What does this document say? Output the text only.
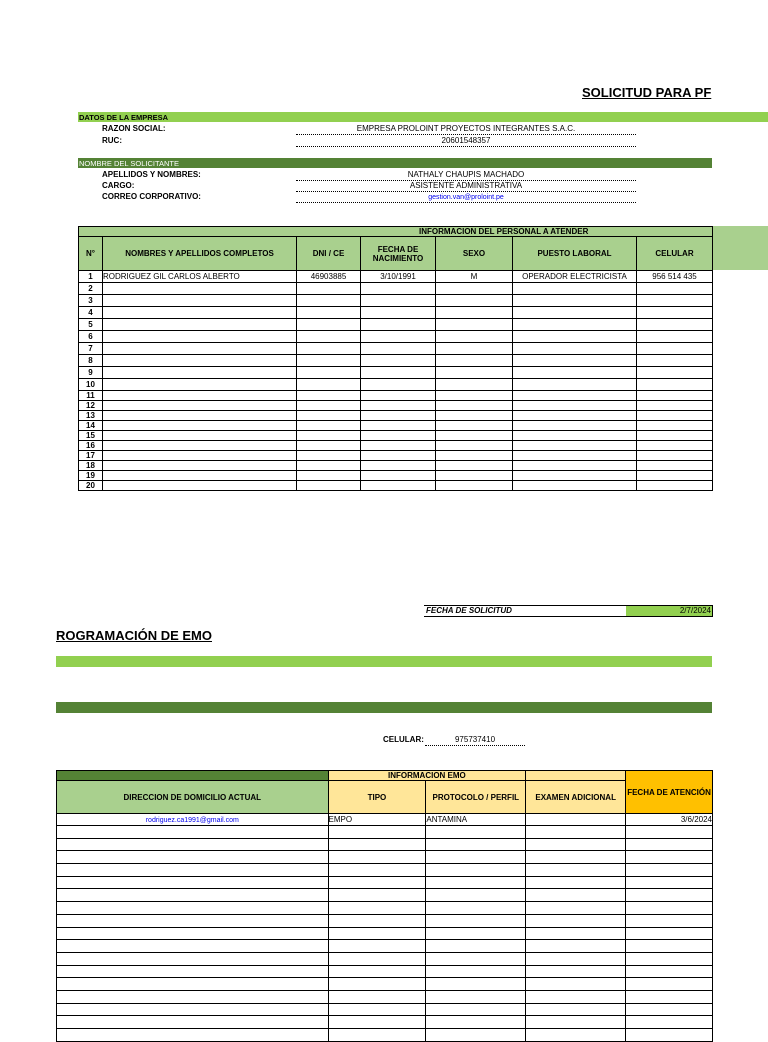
SOLICITUD PARA PF
DATOS DE LA EMPRESA
RAZON SOCIAL:	EMPRESA PROLOINT PROYECTOS INTEGRANTES S.A.C.
RUC:	20601548357
NOMBRE DEL SOLICITANTE
APELLIDOS Y NOMBRES:	NATHALY CHAUPIS MACHADO
CARGO:	ASISTENTE ADMINISTRATIVA
CORREO CORPORATIVO:	gestion.van@proloint.pe
INFORMACION DEL PERSONAL A ATENDER						
N°	NOMBRES Y APELLIDOS COMPLETOS	DNI / CE	FECHA DE NACIMIENTO	SEXO	PUESTO LABORAL	CELULAR
1	RODRIGUEZ GIL CARLOS ALBERTO	46903885	3/10/1991	M	OPERADOR ELECTRICISTA	956 514 435
2						
3						
4						
5						
6						
7						
8						
9						
10						
11						
12						
13						
14						
15						
16						
17						
18						
19						
20						
FECHA DE SOLICITUD	2/7/2024
ROGRAMACIÓN DE EMO
CELULAR:	975737410
	INFORMACION EMO			FECHA DE ATENCIÓN
DIRECCION DE DOMICILIO ACTUAL	TIPO	PROTOCOLO / PERFIL	EXAMEN ADICIONAL	
rodriguez.ca1991@gmail.com	EMPO	ANTAMINA		3/6/2024
